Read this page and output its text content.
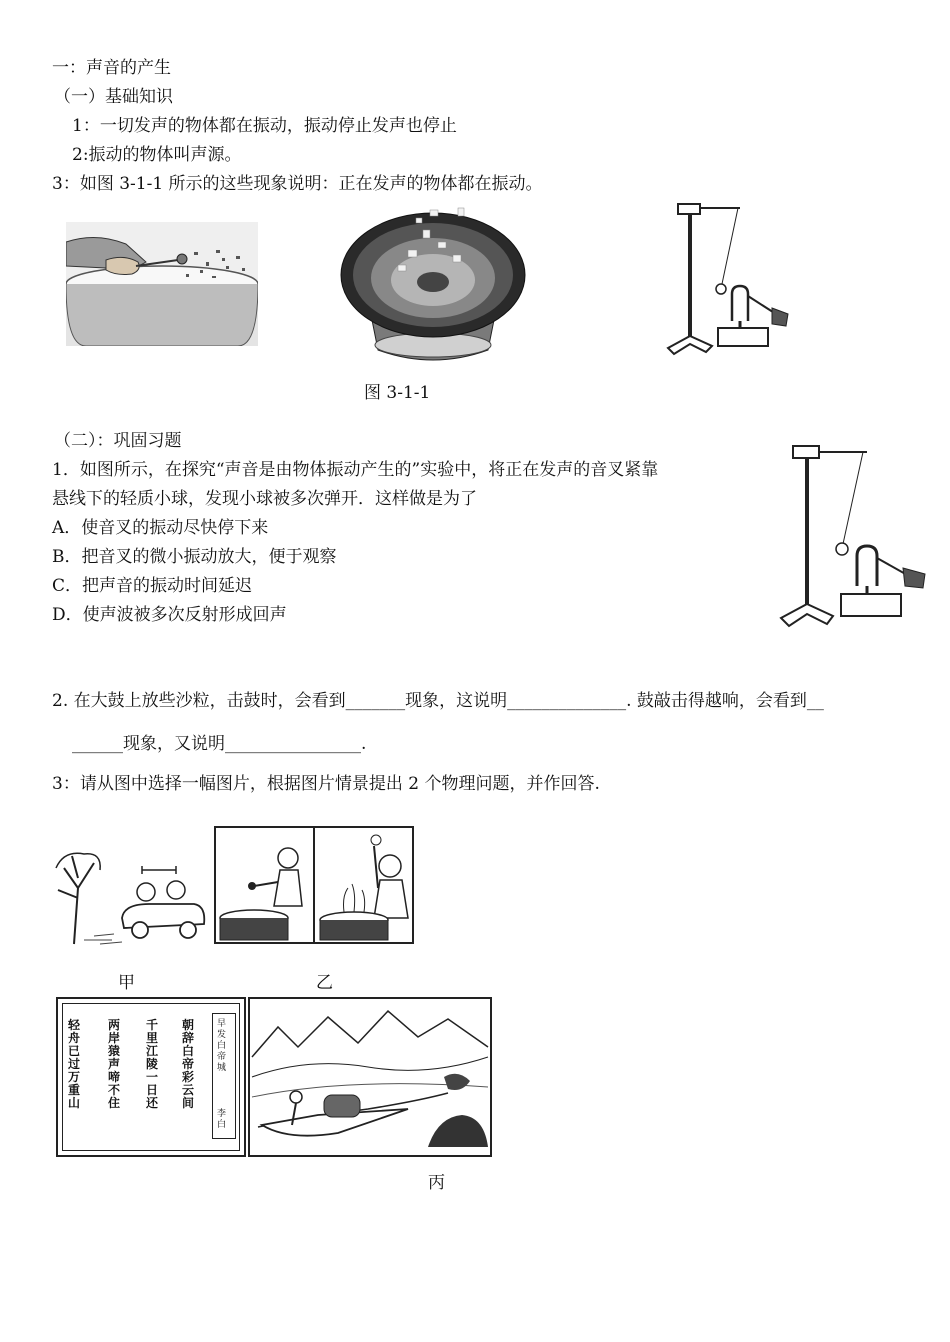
一：声音的产生
（一）基础知识
1：一切发声的物体都在振动，振动停止发声也停止
2:振动的物体叫声源。
3：如图 3-1-1 所示的这些现象说明：正在发声的物体都在振动。
图 3-1-1
（二）：巩固习题
1．如图所示，在探究“声音是由物体振动产生的”实验中，将正在发声的音叉紧靠
悬线下的轻质小球，发现小球被多次弹开．这样做是为了
A．使音叉的振动尽快停下来
B．把音叉的微小振动放大，便于观察
C．把声音的振动时间延迟
D．使声波被多次反射形成回声
2. 在大鼓上放些沙粒，击鼓时，会看到_______现象，这说明______________. 鼓敲击得越响，会看到__
______现象，又说明________________.
3：请从图中选择一幅图片，根据图片情景提出 2 个物理问题，并作回答.
甲	乙
轻舟已过万重山
两岸猿声啼不住
千里江陵一日还
朝辞白帝彩云间
早发白帝城
李白
丙
